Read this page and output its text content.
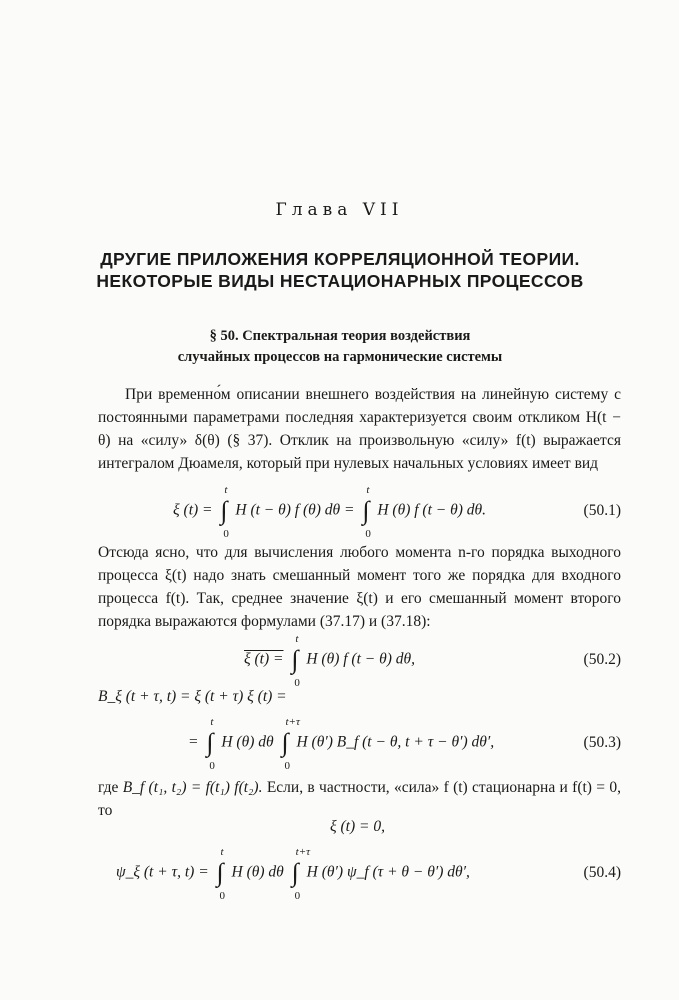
Глава VII
ДРУГИЕ ПРИЛОЖЕНИЯ КОРРЕЛЯЦИОННОЙ ТЕОРИИ.
НЕКОТОРЫЕ ВИДЫ НЕСТАЦИОНАРНЫХ ПРОЦЕССОВ
§ 50. Спектральная теория воздействия
случайных процессов на гармонические системы

При временно́м описании внешнего воздействия на линейную систему с постоянными параметрами последняя характеризуется своим откликом H(t − θ) на «силу» δ(θ) (§ 37). Отклик на произвольную «силу» f(t) выражается интегралом Дюамеля, который при нулевых начальных условиях имеет вид

ξ (t) = ∫
t
0
H (t − θ) f (θ) dθ = ∫
t
0
H (θ) f (t − θ) dθ.	(50.1)

Отсюда ясно, что для вычисления любого момента n-го порядка выходного процесса ξ(t) надо знать смешанный момент того же порядка для входного процесса f(t). Так, среднее значение ξ(t) и его смешанный момент второго порядка выражаются формулами (37.17) и (37.18):

ξ (t) = ∫
t
0
H (θ) f (t − θ) dθ,	(50.2)
B_ξ (t + τ, t) = ξ (t + τ) ξ (t) =
= ∫
t
0
H (θ) dθ ∫
t+τ
0
H (θ′) B_f (t − θ, t + τ − θ′) dθ′,	(50.3)
где B_f (t₁, t₂) = f(t₁) f(t₂). Если, в частности, «сила» f (t) стационарна и f(t) = 0, то
ξ (t) = 0,
ψ_ξ (t + τ, t) = ∫
t
0
H (θ) dθ ∫
t+τ
0
H (θ′) ψ_f (τ + θ − θ′) dθ′,	(50.4)
